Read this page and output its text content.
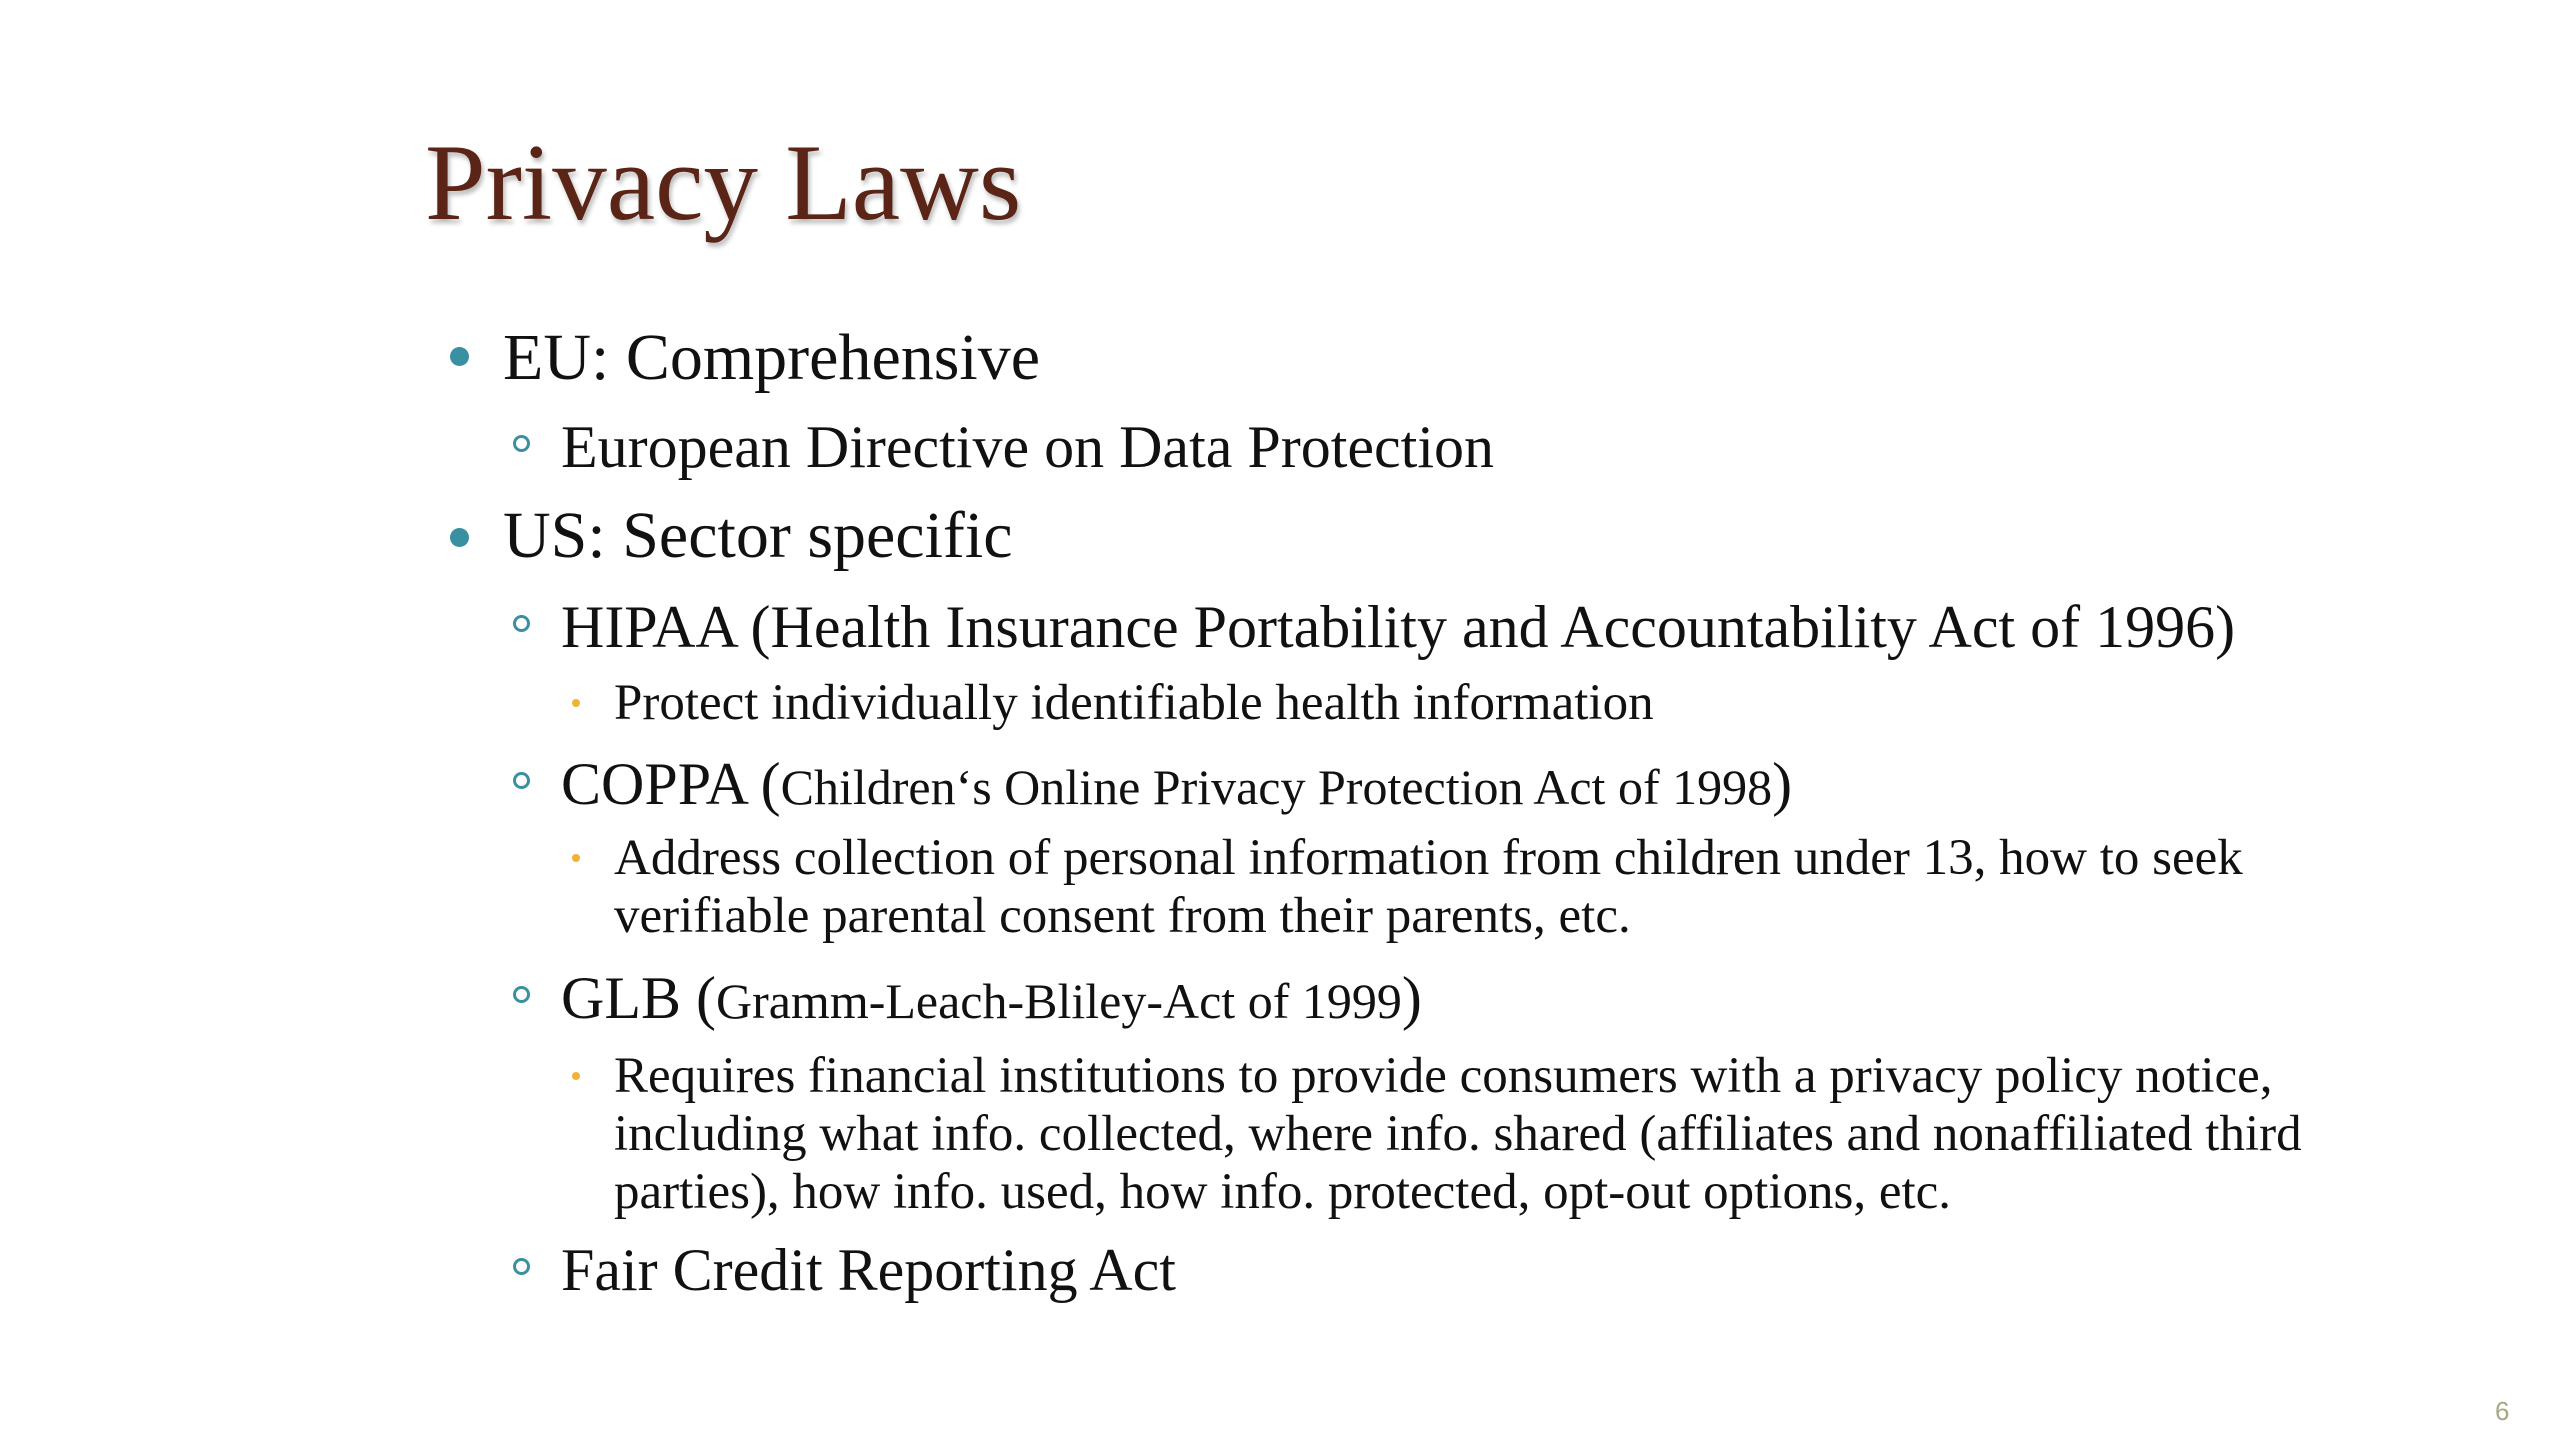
Privacy Laws
EU: Comprehensive
European Directive on Data Protection
US: Sector specific
HIPAA (Health Insurance Portability and Accountability Act of 1996)
Protect individually identifiable health information
COPPA (Children‘s Online Privacy Protection Act of 1998)
Address collection of personal information from children under 13, how to seek
verifiable parental consent from their parents, etc.
GLB (Gramm-Leach-Bliley-Act of 1999)
Requires financial institutions to provide consumers with a privacy policy notice,
including what info. collected, where info. shared (affiliates and nonaffiliated third
parties), how info. used, how info. protected, opt-out options, etc.
Fair Credit Reporting Act
6
